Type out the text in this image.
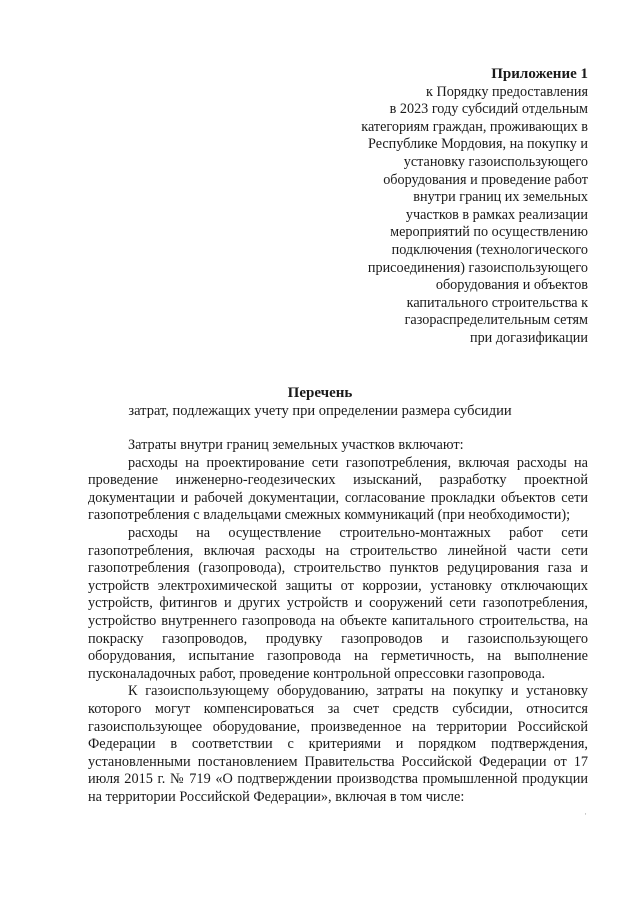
Приложение 1
к Порядку предоставления
в 2023 году субсидий отдельным
категориям граждан, проживающих в
Республике Мордовия, на покупку и
установку газоиспользующего
оборудования и проведение работ
внутри границ их земельных
участков в рамках реализации
мероприятий по осуществлению
подключения (технологического
присоединения) газоиспользующего
оборудования и объектов
капитального строительства к
газораспределительным сетям
при догазификации
Перечень
затрат, подлежащих учету при определении размера субсидии

Затраты внутри границ земельных участков включают:

расходы на проектирование сети газопотребления, включая расходы на проведение инженерно-геодезических изысканий, разработку проектной документации и рабочей документации, согласование прокладки объектов сети газопотребления с владельцами смежных коммуникаций (при необходимости);

расходы на осуществление строительно-монтажных работ сети газопотребления, включая расходы на строительство линейной части сети газопотребления (газопровода), строительство пунктов редуцирования газа и устройств электрохимической защиты от коррозии, установку отключающих устройств, фитингов и других устройств и сооружений сети газопотребления, устройство внутреннего газопровода на объекте капитального строительства, на покраску газопроводов, продувку газопроводов и газоиспользующего оборудования, испытание газопровода на герметичность, на выполнение пусконаладочных работ, проведение контрольной опрессовки газопровода.

К газоиспользующему оборудованию, затраты на покупку и установку которого могут компенсироваться за счет средств субсидии, относится газоиспользующее оборудование, произведенное на территории Российской Федерации в соответствии с критериями и порядком подтверждения, установленными постановлением Правительства Российской Федерации от 17 июля 2015 г. № 719 «О подтверждении производства промышленной продукции на территории Российской Федерации», включая в том числе:

·
